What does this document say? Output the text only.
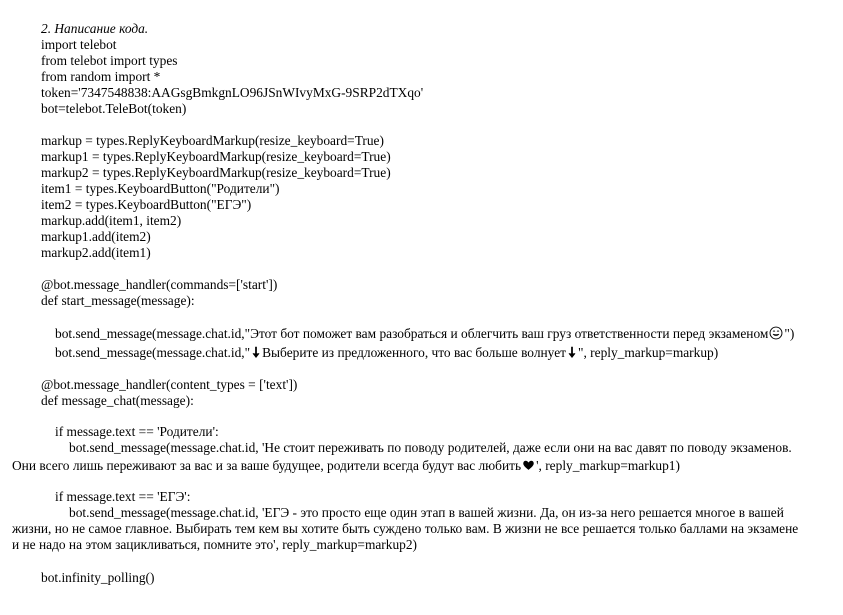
2. Написание кода.
import telebot
from telebot import types
from random import *
token='7347548838:AAGsgBmkgnLO96JSnWIvyMxG-9SRP2dTXqo'
bot=telebot.TeleBot(token)
markup = types.ReplyKeyboardMarkup(resize_keyboard=True)
markup1 = types.ReplyKeyboardMarkup(resize_keyboard=True)
markup2 = types.ReplyKeyboardMarkup(resize_keyboard=True)
item1 = types.KeyboardButton("Родители")
item2 = types.KeyboardButton("ЕГЭ")
markup.add(item1, item2)
markup1.add(item2)
markup2.add(item1)
@bot.message_handler(commands=['start'])
def start_message(message):
bot.send_message(message.chat.id,"Этот бот поможет вам разобраться и облегчить ваш груз ответственности перед экзаменом ")
bot.send_message(message.chat.id," Выберите из предложенного, что вас больше волнует ", reply_markup=markup)
@bot.message_handler(content_types = ['text'])
def message_chat(message):
if message.text == 'Родители':
bot.send_message(message.chat.id, 'Не стоит переживать по поводу родителей, даже если они на вас давят по поводу экзаменов.
Они всего лишь переживают за вас и за ваше будущее, родители всегда будут вас любить ', reply_markup=markup1)
if message.text == 'ЕГЭ':
bot.send_message(message.chat.id, 'ЕГЭ - это просто еще один этап в вашей жизни. Да, он из-за него решается многое в вашей
жизни, но не самое главное. Выбирать тем кем вы хотите быть суждено только вам. В жизни не все решается только баллами на экзамене
и не надо на этом зацикливаться, помните это', reply_markup=markup2)
bot.infinity_polling()
